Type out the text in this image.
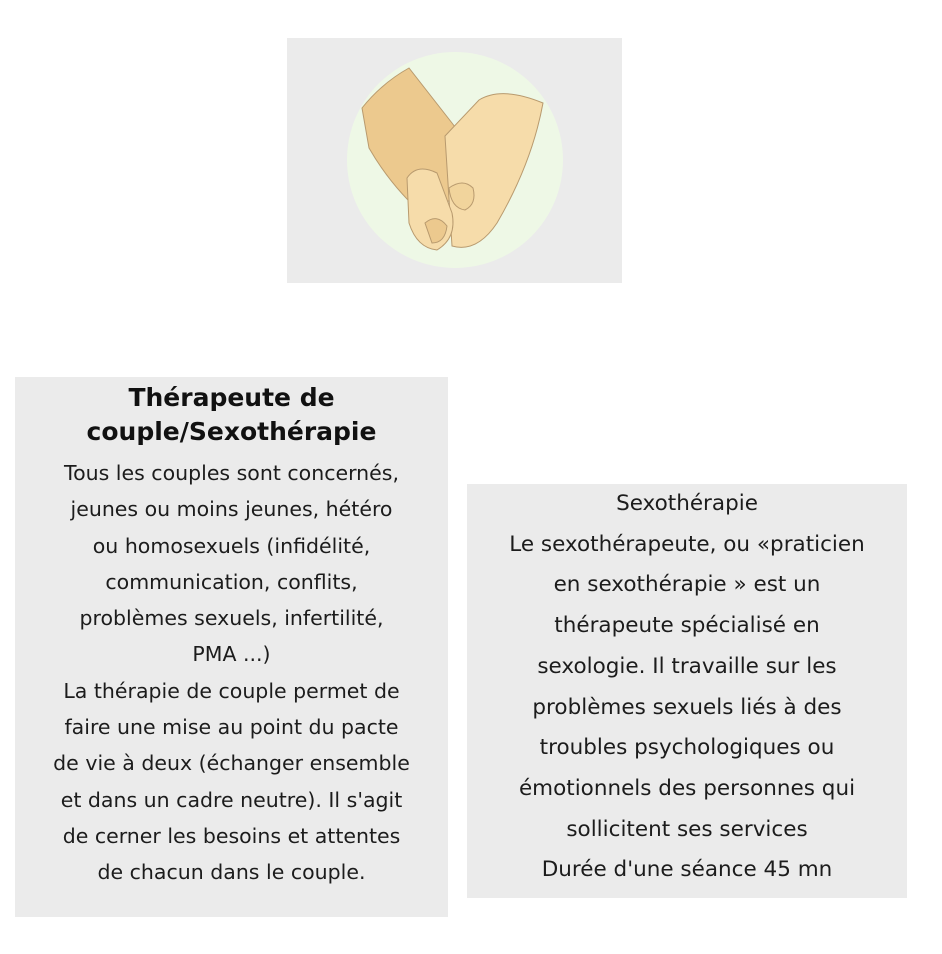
Thérapeute de
couple/Sexothérapie

Tous les couples sont concernés,
jeunes ou moins jeunes, hétéro
ou homosexuels (infidélité,
communication, conflits,
problèmes sexuels, infertilité,
PMA ...)
La thérapie de couple permet de
faire une mise au point du pacte
de vie à deux (échanger ensemble
et dans un cadre neutre). Il s'agit
de cerner les besoins et attentes
de chacun dans le couple.

Sexothérapie
Le sexothérapeute, ou «praticien
en sexothérapie » est un
thérapeute spécialisé en
sexologie. Il travaille sur les
problèmes sexuels liés à des
troubles psychologiques ou
émotionnels des personnes qui
sollicitent ses services
Durée d'une séance 45 mn
